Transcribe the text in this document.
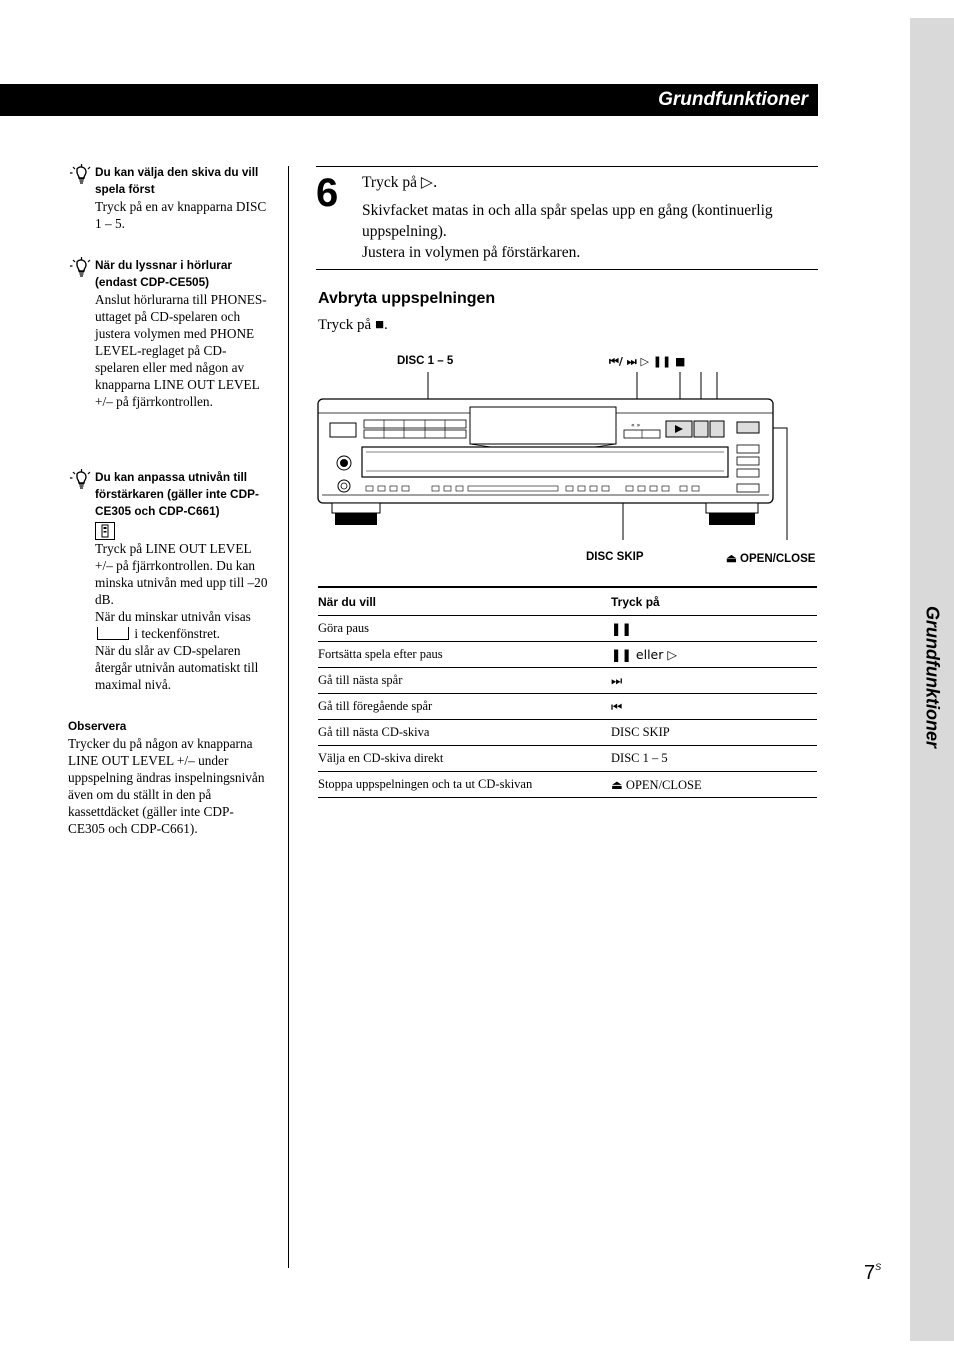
Grundfunktioner
Grundfunktioner
Du kan välja den skiva du vill spela först
Tryck på en av knapparna DISC 1 – 5.
När du lyssnar i hörlurar (endast CDP-CE505)
Anslut hörlurarna till PHONES-uttaget på CD-spelaren och justera volymen med PHONE LEVEL-reglaget på CD-spelaren eller med någon av knapparna LINE OUT LEVEL +/– på fjärrkontrollen.
Du kan anpassa utnivån till förstärkaren (gäller inte CDP-CE305 och CDP-C661)
Tryck på LINE OUT LEVEL +/– på fjärrkontrollen. Du kan minska utnivån med upp till –20 dB.
När du minskar utnivån visas  i teckenfönstret.
När du slår av CD-spelaren återgår utnivån automatiskt till maximal nivå.
Observera
Trycker du på någon av knapparna LINE OUT LEVEL +/– under uppspelning ändras inspelningsnivån även om du ställt in den på kassettdäcket (gäller inte CDP-CE305 och CDP-C661).
6 Tryck på ▷.

Skivfacket matas in och alla spår spelas upp en gång (kontinuerlig uppspelning).

Justera in volymen på förstärkaren.

Avbryta uppspelningen
Tryck på ■.
DISC 1 – 5	⏮/ ⏭ ▷ ❚❚ ■
DISC SKIP	⏏ OPEN/CLOSE
« »
När du vill	Tryck på
Göra paus	❚❚
Fortsätta spela efter paus	❚❚ eller ▷
Gå till nästa spår	⏭
Gå till föregående spår	⏮
Gå till nästa CD-skiva	DISC SKIP
Välja en CD-skiva direkt	DISC 1 – 5
Stoppa uppspelningen och ta ut CD-skivan	⏏ OPEN/CLOSE
$7^S$
